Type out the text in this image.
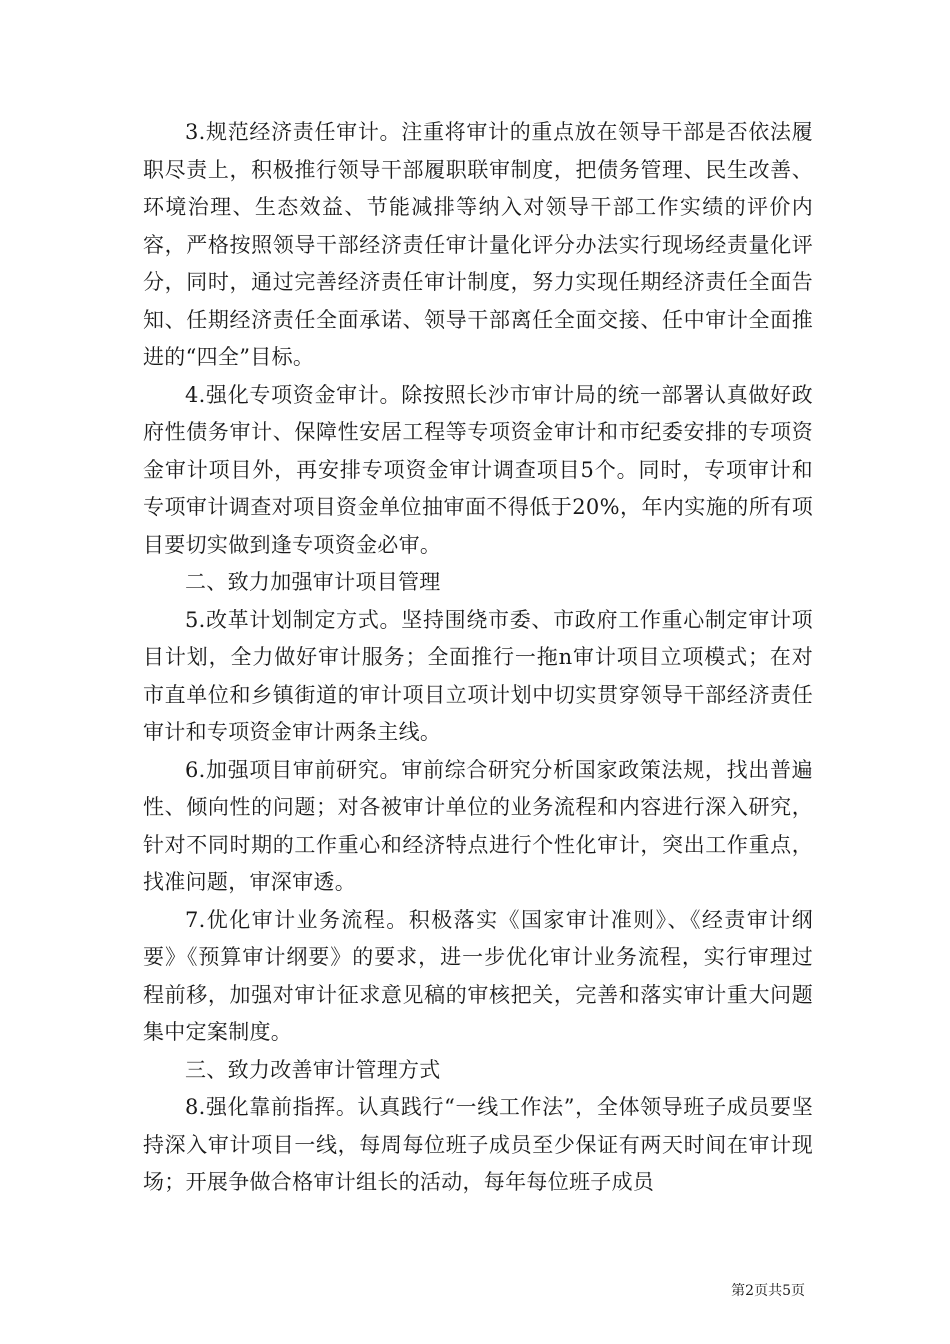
3.规范经济责任审计。注重将审计的重点放在领导干部是否依法履职尽责上，积极推行领导干部履职联审制度，把债务管理、民生改善、环境治理、生态效益、节能减排等纳入对领导干部工作实绩的评价内容，严格按照领导干部经济责任审计量化评分办法实行现场经责量化评分，同时，通过完善经济责任审计制度，努力实现任期经济责任全面告知、任期经济责任全面承诺、领导干部离任全面交接、任中审计全面推进的“四全”目标。

4.强化专项资金审计。除按照长沙市审计局的统一部署认真做好政府性债务审计、保障性安居工程等专项资金审计和市纪委安排的专项资金审计项目外，再安排专项资金审计调查项目5个。同时，专项审计和专项审计调查对项目资金单位抽审面不得低于20%，年内实施的所有项目要切实做到逢专项资金必审。

二、致力加强审计项目管理

5.改革计划制定方式。坚持围绕市委、市政府工作重心制定审计项目计划，全力做好审计服务；全面推行一拖n审计项目立项模式；在对市直单位和乡镇街道的审计项目立项计划中切实贯穿领导干部经济责任审计和专项资金审计两条主线。

6.加强项目审前研究。审前综合研究分析国家政策法规，找出普遍性、倾向性的问题；对各被审计单位的业务流程和内容进行深入研究，针对不同时期的工作重心和经济特点进行个性化审计，突出工作重点，找准问题，审深审透。

7.优化审计业务流程。积极落实《国家审计准则》、《经责审计纲要》《预算审计纲要》的要求，进一步优化审计业务流程，实行审理过程前移，加强对审计征求意见稿的审核把关，完善和落实审计重大问题集中定案制度。

三、致力改善审计管理方式

8.强化靠前指挥。认真践行“一线工作法”，全体领导班子成员要坚持深入审计项目一线，每周每位班子成员至少保证有两天时间在审计现场；开展争做合格审计组长的活动，每年每位班子成员

第2页共5页
